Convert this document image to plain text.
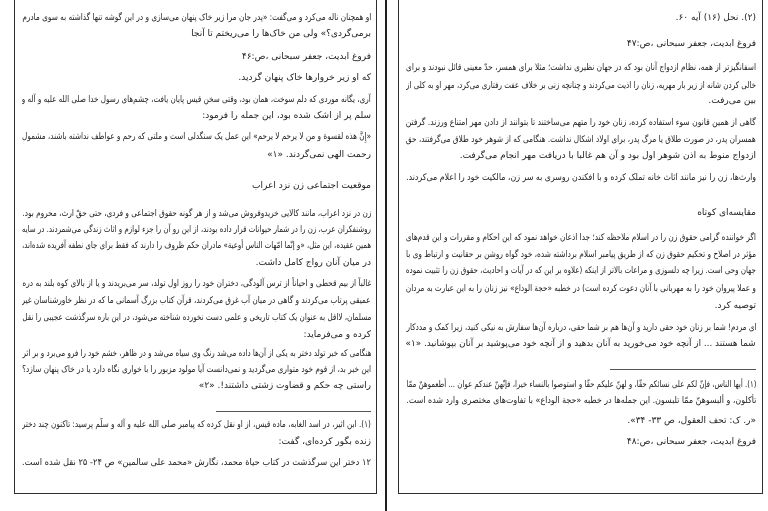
او همچنان ناله می‌کرد و می‌گفت: «پدر جان مرا زیر خاک پنهان می‌سازی و در این گوشه تنها گذاشته به سوی مادرم
برمی‌گردی؟» ولی من خاک‌ها را می‌ریختم تا آنجا
فروغ ابدیت، جعفر سبحانی ،ص:۴۶
که او زیر خروارها خاک پنهان گردید.
آری، یگانه موردی که دلم سوخت، همان بود، وقتی سخن قیس پایان یافت، چشم‌های رسول خدا صلی الله علیه و آله و
سلم پر از اشک شده بود، این جمله را فرمود:
«إِنَّ هذه لقسوة و من لا یرحم لا یرحم» این عمل یک سنگدلی است و ملتی که رحم و عواطف نداشته باشند، مشمول
رحمت الهی نمی‌گردند. «۱»
موقعیت اجتماعی زن نزد اعراب
زن در نزد اعراب، مانند کالایی خریدوفروش می‌شد و از هر گونه حقوق اجتماعی و فردی، حتی حقّ ارث، محروم بود.
روشنفکران عرب، زن را در شمار حیوانات قرار داده بودند، از این رو آن را جزء لوازم و اثاث زندگی می‌شمردند. در سایه
همین عقیده، این مثل، «و إنّما امّهات الناس أوعية» مادران حکم ظروف را دارند که فقط برای جای نطفه آفریده شده‌اند،
در میان آنان رواج کامل داشت.
غالباً از بیم قحطی و احیاناً از ترس آلودگی، دختران خود را روز اول تولد، سر می‌بریدند و یا از بالای کوه بلند به دره
عمیقی پرتاب می‌کردند و گاهی در میان آب غرق می‌کردند، قرآن کتاب بزرگ آسمانی ما که در نظر خاورشناسان غیر
مسلمان، لااقل به عنوان یک کتاب تاریخی و علمی دست نخورده شناخته می‌شود، در این باره سرگذشت عجیبی را نقل
کرده و می‌فرماید:
هنگامی که خبر تولد دختر به یکی از آن‌ها داده می‌شد رنگ وی سیاه می‌شد و در ظاهر، خشم خود را فرو می‌برد و بر اثر
این خبر بد، از قوم خود متواری می‌گردید و نمی‌دانست آیا مولود مزبور را با خواری نگاه دارد یا در خاک پنهان سازد؟
راستی چه حکم و قضاوت زشتی داشتند!. «۲»
(۱). ابن اثیر، در اسد الغابه، ماده قیس، از او نقل کرده که پیامبر صلی الله علیه و آله و سلّم پرسید: تاکنون چند دختر
زنده بگور کرده‌ای، گفت:
۱۲ دختر این سرگذشت در کتاب حیاة محمد، نگارش «محمد علی سالمین» ص ۲۴- ۲۵ نقل شده است.
(۲). نحل (۱۶) آیه ۶۰.
فروغ ابدیت، جعفر سبحانی ،ص:۴۷
اسفانگیزتر از همه، نظام ازدواج آنان بود که در جهان نظیری نداشت؛ مثلا برای همسر، حدّ معینی قائل نبودند و برای
خالی کردن شانه از زیر بار مهریه، زنان را اذیت می‌کردند و چنانچه زنی بر خلاف عفت رفتاری می‌کرد، مهر او به کلی از
بین می‌رفت.
گاهی از همین قانون سوء استفاده کرده، زنان خود را متهم می‌ساختند تا بتوانند از دادن مهر امتناع ورزند. گرفتن
همسران پدر، در صورت طلاق یا مرگ پدر، برای اولاد اشکال نداشت. هنگامی که از شوهر خود طلاق می‌گرفتند، حق
ازدواج منوط به اذن شوهر اول بود و آن هم غالبا با دریافت مهر انجام می‌گرفت.
وارث‌ها، زن را نیز مانند اثاث خانه تملک کرده و با افکندن روسری به سر زن، مالکیت خود را اعلام می‌کردند.
مقایسه‌ای کوتاه
اگر خواننده گرامی حقوق زن را در اسلام ملاحظه کند؛ جدا اذعان خواهد نمود که این احکام و مقررات و این قدم‌های
مؤثر در اصلاح و تحکیم حقوق زن که از طریق پیامبر اسلام برداشته شده، خود گواه روشن بر حقانیت و ارتباط وی با
جهان وحی است. زیرا چه دلسوزی و مراعات بالاتر از اینکه (علاوه بر این که در آیات و احادیث، حقوق زن را تثبیت نموده
و عملا پیروان خود را به مهربانی با آنان دعوت کرده است) در خطبه «حجة الوداع» نیز زنان را به این عبارت به مردان
توصیه کرد.
ای مردم! شما بر زنان خود حقی دارید و آن‌ها هم بر شما حقی، درباره آن‌ها سفارش به نیکی کنید، زیرا کمک و مددکار
شما هستند ... از آنچه خود می‌خورید به آنان بدهید و از آنچه خود می‌پوشید بر آنان بپوشانید. «۱»
(۱). أیها الناس، فإنّ لکم علی نسائکم حقّا، و لهنّ علیکم حقّا و استوصوا بالنساء خیرا، فإنّهنّ عندکم عوان ... أطعموهنّ ممّا
تأکلون، و ألبسوهنّ ممّا تلبسون. این جمله‌ها در خطبه «حجة الوداع» با تفاوت‌های مختصری وارد شده است.
«ر. ک: تحف العقول، ص ۳۳- ۳۴».
فروغ ابدیت، جعفر سبحانی ،ص:۴۸
